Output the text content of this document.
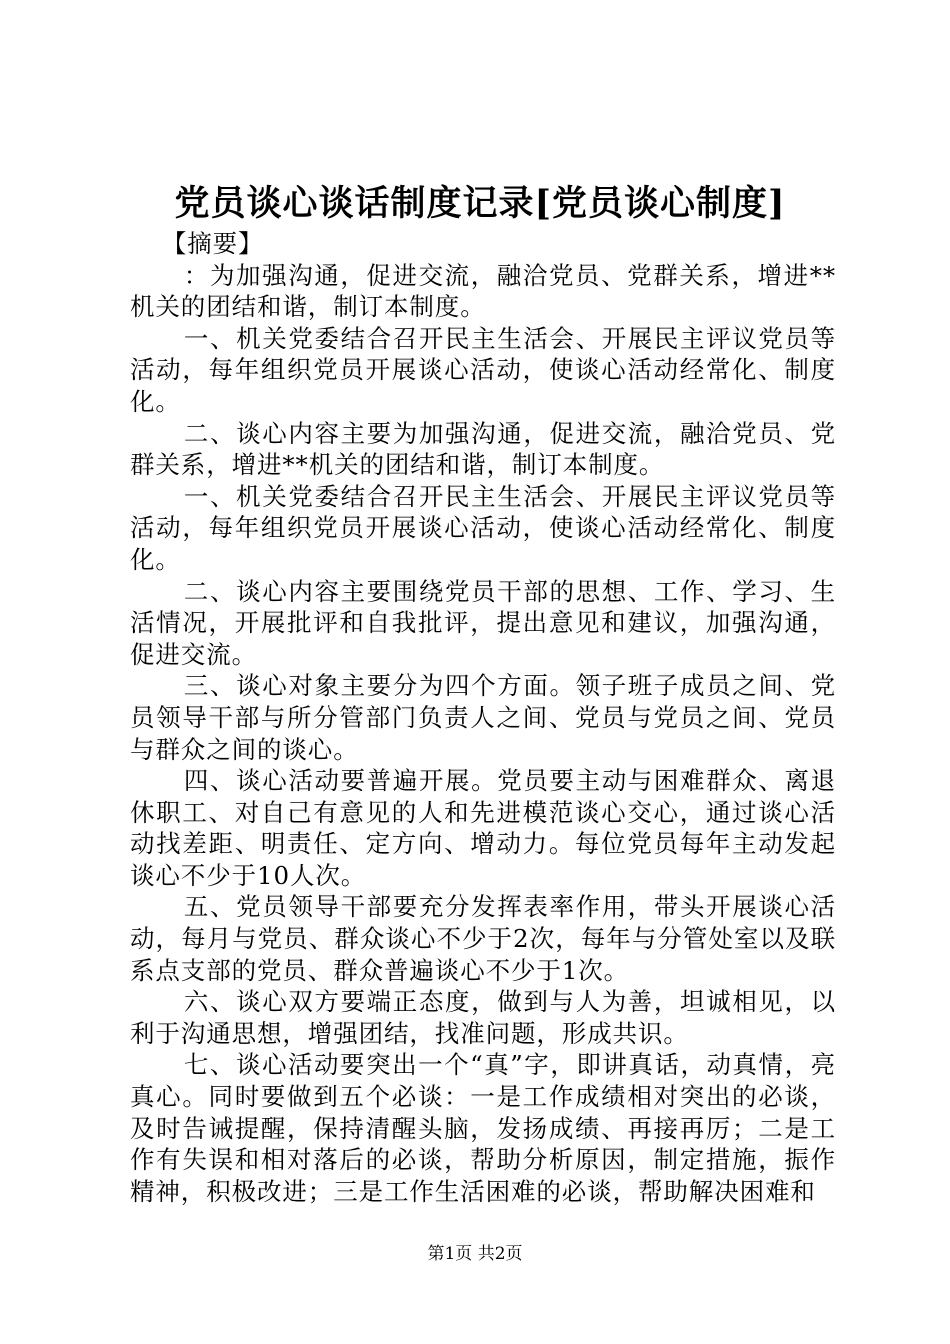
党员谈心谈话制度记录[党员谈心制度]

【摘要】

：为加强沟通，促进交流，融洽党员、党群关系，增进**机关的团结和谐，制订本制度。

一、机关党委结合召开民主生活会、开展民主评议党员等活动，每年组织党员开展谈心活动，使谈心活动经常化、制度化。

二、谈心内容主要为加强沟通，促进交流，融洽党员、党群关系，增进**机关的团结和谐，制订本制度。

一、机关党委结合召开民主生活会、开展民主评议党员等活动，每年组织党员开展谈心活动，使谈心活动经常化、制度化。

二、谈心内容主要围绕党员干部的思想、工作、学习、生活情况，开展批评和自我批评，提出意见和建议，加强沟通，促进交流。

三、谈心对象主要分为四个方面。领子班子成员之间、党员领导干部与所分管部门负责人之间、党员与党员之间、党员与群众之间的谈心。

四、谈心活动要普遍开展。党员要主动与困难群众、离退休职工、对自己有意见的人和先进模范谈心交心，通过谈心活动找差距、明责任、定方向、增动力。每位党员每年主动发起谈心不少于10人次。

五、党员领导干部要充分发挥表率作用，带头开展谈心活动，每月与党员、群众谈心不少于2次，每年与分管处室以及联系点支部的党员、群众普遍谈心不少于1次。

六、谈心双方要端正态度，做到与人为善，坦诚相见，以利于沟通思想，增强团结，找准问题，形成共识。

七、谈心活动要突出一个“真”字，即讲真话，动真情，亮真心。同时要做到五个必谈：一是工作成绩相对突出的必谈，及时告诫提醒，保持清醒头脑，发扬成绩、再接再厉；二是工作有失误和相对落后的必谈，帮助分析原因，制定措施，振作精神，积极改进；三是工作生活困难的必谈，帮助解决困难和

第1页 共2页
